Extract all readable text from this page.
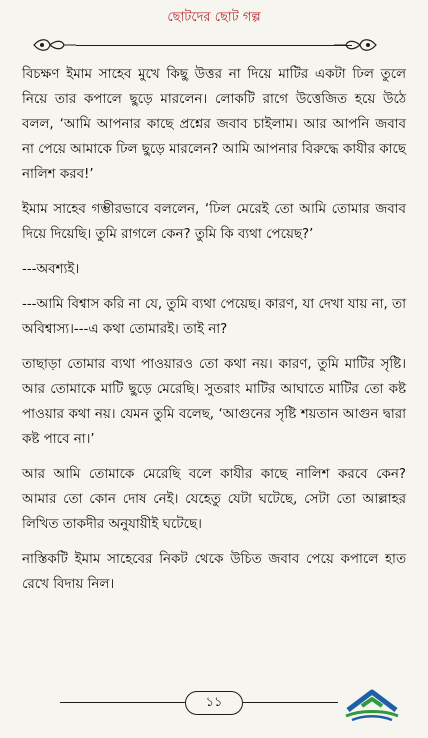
ছোটদের ছোট গল্প

বিচক্ষণ ইমাম সাহেব মুখে কিছু উত্তর না দিয়ে মাটির একটা ঢিল তুলে নিয়ে তার কপালে ছুড়ে মারলেন। লোকটি রাগে উত্তেজিত হয়ে উঠে বলল, ‘আমি আপনার কাছে প্রশ্নের জবাব চাইলাম। আর আপনি জবাব না পেয়ে আমাকে ঢিল ছুড়ে মারলেন? আমি আপনার বিরুদ্ধে কাযীর কাছে নালিশ করব!’

ইমাম সাহেব গম্ভীরভাবে বললেন, ‘ঢিল মেরেই তো আমি তোমার জবাব দিয়ে দিয়েছি। তুমি রাগলে কেন? তুমি কি ব্যথা পেয়েছ?’

---অবশ্যই।

---আমি বিশ্বাস করি না যে, তুমি ব্যথা পেয়েছ। কারণ, যা দেখা যায় না, তা অবিশ্বাস্য।---এ কথা তোমারই। তাই না?

তাছাড়া তোমার ব্যথা পাওয়ারও তো কথা নয়। কারণ, তুমি মাটির সৃষ্টি। আর তোমাকে মাটি ছুড়ে মেরেছি। সুতরাং মাটির আঘাতে মাটির তো কষ্ট পাওয়ার কথা নয়। যেমন তুমি বলেছ, ‘আগুনের সৃষ্টি শয়তান আগুন দ্বারা কষ্ট পাবে না।’

আর আমি তোমাকে মেরেছি বলে কাযীর কাছে নালিশ করবে কেন? আমার তো কোন দোষ নেই। যেহেতু যেটা ঘটেছে, সেটা তো আল্লাহর লিখিত তাকদীর অনুযায়ীই ঘটেছে।

নাস্তিকটি ইমাম সাহেবের নিকট থেকে উচিত জবাব পেয়ে কপালে হাত রেখে বিদায় নিল।

১১
